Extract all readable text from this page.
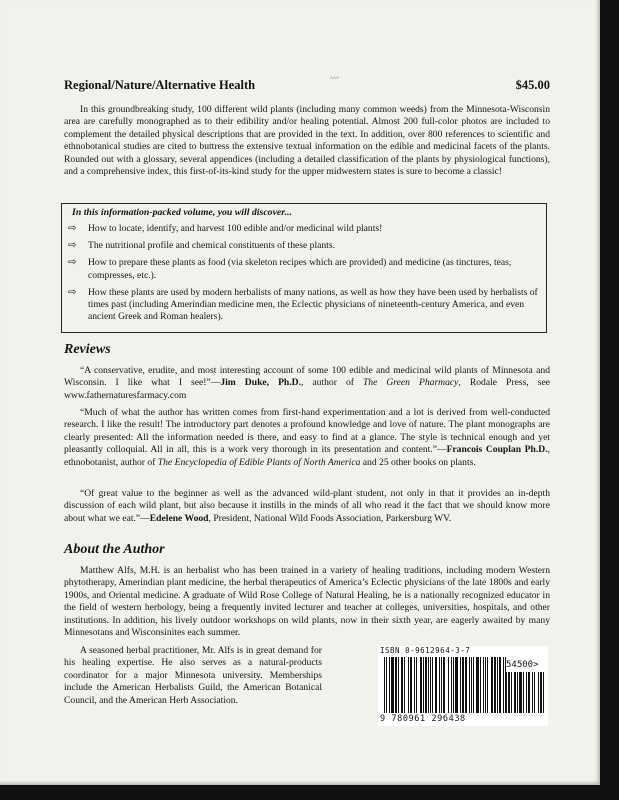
ʌʌʌ
Regional/Nature/Alternative Health	$45.00

In this groundbreaking study, 100 different wild plants (including many common weeds) from the Minnesota-Wisconsin area are carefully monographed as to their edibility and/or healing potential. Almost 200 full-color photos are included to complement the detailed physical descriptions that are provided in the text. In addition, over 800 references to scientific and ethnobotanical studies are cited to buttress the extensive textual information on the edible and medicinal facets of the plants. Rounded out with a glossary, several appendices (including a detailed classification of the plants by physiological functions), and a comprehensive index, this first-of-its-kind study for the upper midwestern states is sure to become a classic!

In this information-packed volume, you will discover...

⇨	How to locate, identify, and harvest 100 edible and/or medicinal wild plants!
⇨	The nutritional profile and chemical constituents of these plants.
⇨	How to prepare these plants as food (via skeleton recipes which are provided) and medicine (as tinctures, teas, compresses, etc.).
⇨	How these plants are used by modern herbalists of many nations, as well as how they have been used by herbalists of times past (including Amerindian medicine men, the Eclectic physicians of nineteenth-century America, and even ancient Greek and Roman healers).
Reviews

“A conservative, erudite, and most interesting account of some 100 edible and medicinal wild plants of Minnesota and Wisconsin. I like what I see!”—Jim Duke, Ph.D., author of The Green Pharmacy, Rodale Press, see www.fathernaturesfarmacy.com

“Much of what the author has written comes from first-hand experimentation and a lot is derived from well-conducted research. I like the result! The introductory part denotes a profound knowledge and love of nature. The plant monographs are clearly presented: All the information needed is there, and easy to find at a glance. The style is technical enough and yet pleasantly colloquial. All in all, this is a work very thorough in its presentation and content.”—Francois Couplan Ph.D., ethnobotanist, author of The Encyclopedia of Edible Plants of North America and 25 other books on plants.

“Of great value to the beginner as well as the advanced wild-plant student, not only in that it provides an in-depth discussion of each wild plant, but also because it instills in the minds of all who read it the fact that we should know more about what we eat.”—Edelene Wood, President, National Wild Foods Association, Parkersburg WV.

About the Author

Matthew Alfs, M.H. is an herbalist who has been trained in a variety of healing traditions, including modern Western phytotherapy, Amerindian plant medicine, the herbal therapeutics of America’s Eclectic physicians of the late 1800s and early 1900s, and Oriental medicine. A graduate of Wild Rose College of Natural Healing, he is a nationally recognized educator in the field of western herbology, being a frequently invited lecturer and teacher at colleges, universities, hospitals, and other institutions. In addition, his lively outdoor workshops on wild plants, now in their sixth year, are eagerly awaited by many Minnesotans and Wisconsinites each summer.

A seasoned herbal practitioner, Mr. Alfs is in great demand for his healing expertise. He also serves as a natural-products coordinator for a major Minnesota university. Memberships include the American Herbalists Guild, the American Botanical Council, and the American Herb Association.

ISBN 0-9612964-3-7
54500>
9 780961 296438
